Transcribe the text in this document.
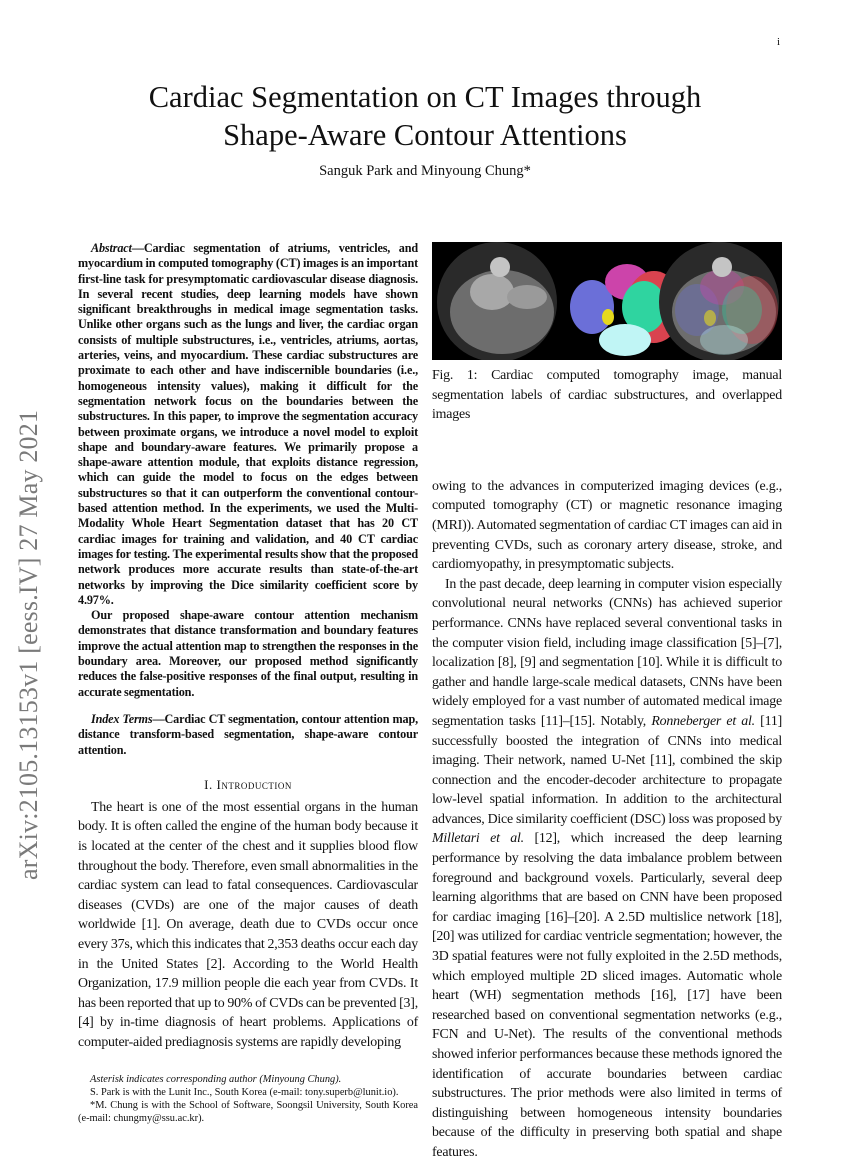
i
arXiv:2105.13153v1 [eess.IV] 27 May 2021
Cardiac Segmentation on CT Images through
Shape-Aware Contour Attentions
Sanguk Park and Minyoung Chung*

Abstract—Cardiac segmentation of atriums, ventricles, and myocardium in computed tomography (CT) images is an important first-line task for presymptomatic cardiovascular disease diagnosis. In several recent studies, deep learning models have shown significant breakthroughs in medical image segmentation tasks. Unlike other organs such as the lungs and liver, the cardiac organ consists of multiple substructures, i.e., ventricles, atriums, aortas, arteries, veins, and myocardium. These cardiac substructures are proximate to each other and have indiscernible boundaries (i.e., homogeneous intensity values), making it difficult for the segmentation network focus on the boundaries between the substructures. In this paper, to improve the segmentation accuracy between proximate organs, we introduce a novel model to exploit shape and boundary-aware features. We primarily propose a shape-aware attention module, that exploits distance regression, which can guide the model to focus on the edges between substructures so that it can outperform the conventional contour-based attention method. In the experiments, we used the Multi-Modality Whole Heart Segmentation dataset that has 20 CT cardiac images for training and validation, and 40 CT cardiac images for testing. The experimental results show that the proposed network produces more accurate results than state-of-the-art networks by improving the Dice similarity coefficient score by 4.97%.

Our proposed shape-aware contour attention mechanism demonstrates that distance transformation and boundary features improve the actual attention map to strengthen the responses in the boundary area. Moreover, our proposed method significantly reduces the false-positive responses of the final output, resulting in accurate segmentation.

Index Terms—Cardiac CT segmentation, contour attention map, distance transform-based segmentation, shape-aware contour attention.

I. Introduction

The heart is one of the most essential organs in the human body. It is often called the engine of the human body because it is located at the center of the chest and it supplies blood flow throughout the body. Therefore, even small abnormalities in the cardiac system can lead to fatal consequences. Cardiovascular diseases (CVDs) are one of the major causes of death worldwide [1]. On average, death due to CVDs occur once every 37s, which this indicates that 2,353 deaths occur each day in the United States [2]. According to the World Health Organization, 17.9 million people die each year from CVDs. It has been reported that up to 90% of CVDs can be prevented [3], [4] by in-time diagnosis of heart problems. Applications of computer-aided prediagnosis systems are rapidly developing

Asterisk indicates corresponding author (Minyoung Chung).

S. Park is with the Lunit Inc., South Korea (e-mail: tony.superb@lunit.io).

*M. Chung is with the School of Software, Soongsil University, South Korea (e-mail: chungmy@ssu.ac.kr).

Fig. 1: Cardiac computed tomography image, manual segmentation labels of cardiac substructures, and overlapped images

owing to the advances in computerized imaging devices (e.g., computed tomography (CT) or magnetic resonance imaging (MRI)). Automated segmentation of cardiac CT images can aid in preventing CVDs, such as coronary artery disease, stroke, and cardiomyopathy, in presymptomatic subjects.

In the past decade, deep learning in computer vision especially convolutional neural networks (CNNs) has achieved superior performance. CNNs have replaced several conventional tasks in the computer vision field, including image classification [5]–[7], localization [8], [9] and segmentation [10]. While it is difficult to gather and handle large-scale medical datasets, CNNs have been widely employed for a vast number of automated medical image segmentation tasks [11]–[15]. Notably, Ronneberger et al. [11] successfully boosted the integration of CNNs into medical imaging. Their network, named U-Net [11], combined the skip connection and the encoder-decoder architecture to propagate low-level spatial information. In addition to the architectural advances, Dice similarity coefficient (DSC) loss was proposed by Milletari et al. [12], which increased the deep learning performance by resolving the data imbalance problem between foreground and background voxels. Particularly, several deep learning algorithms that are based on CNN have been proposed for cardiac imaging [16]–[20]. A 2.5D multislice network [18], [20] was utilized for cardiac ventricle segmentation; however, the 3D spatial features were not fully exploited in the 2.5D methods, which employed multiple 2D sliced images. Automatic whole heart (WH) segmentation methods [16], [17] have been researched based on conventional segmentation networks (e.g., FCN and U-Net). The results of the conventional methods showed inferior performances because these methods ignored the identification of accurate boundaries between cardiac substructures. The prior methods were also limited in terms of distinguishing between homogeneous intensity boundaries because of the difficulty in preserving both spatial and shape features.
